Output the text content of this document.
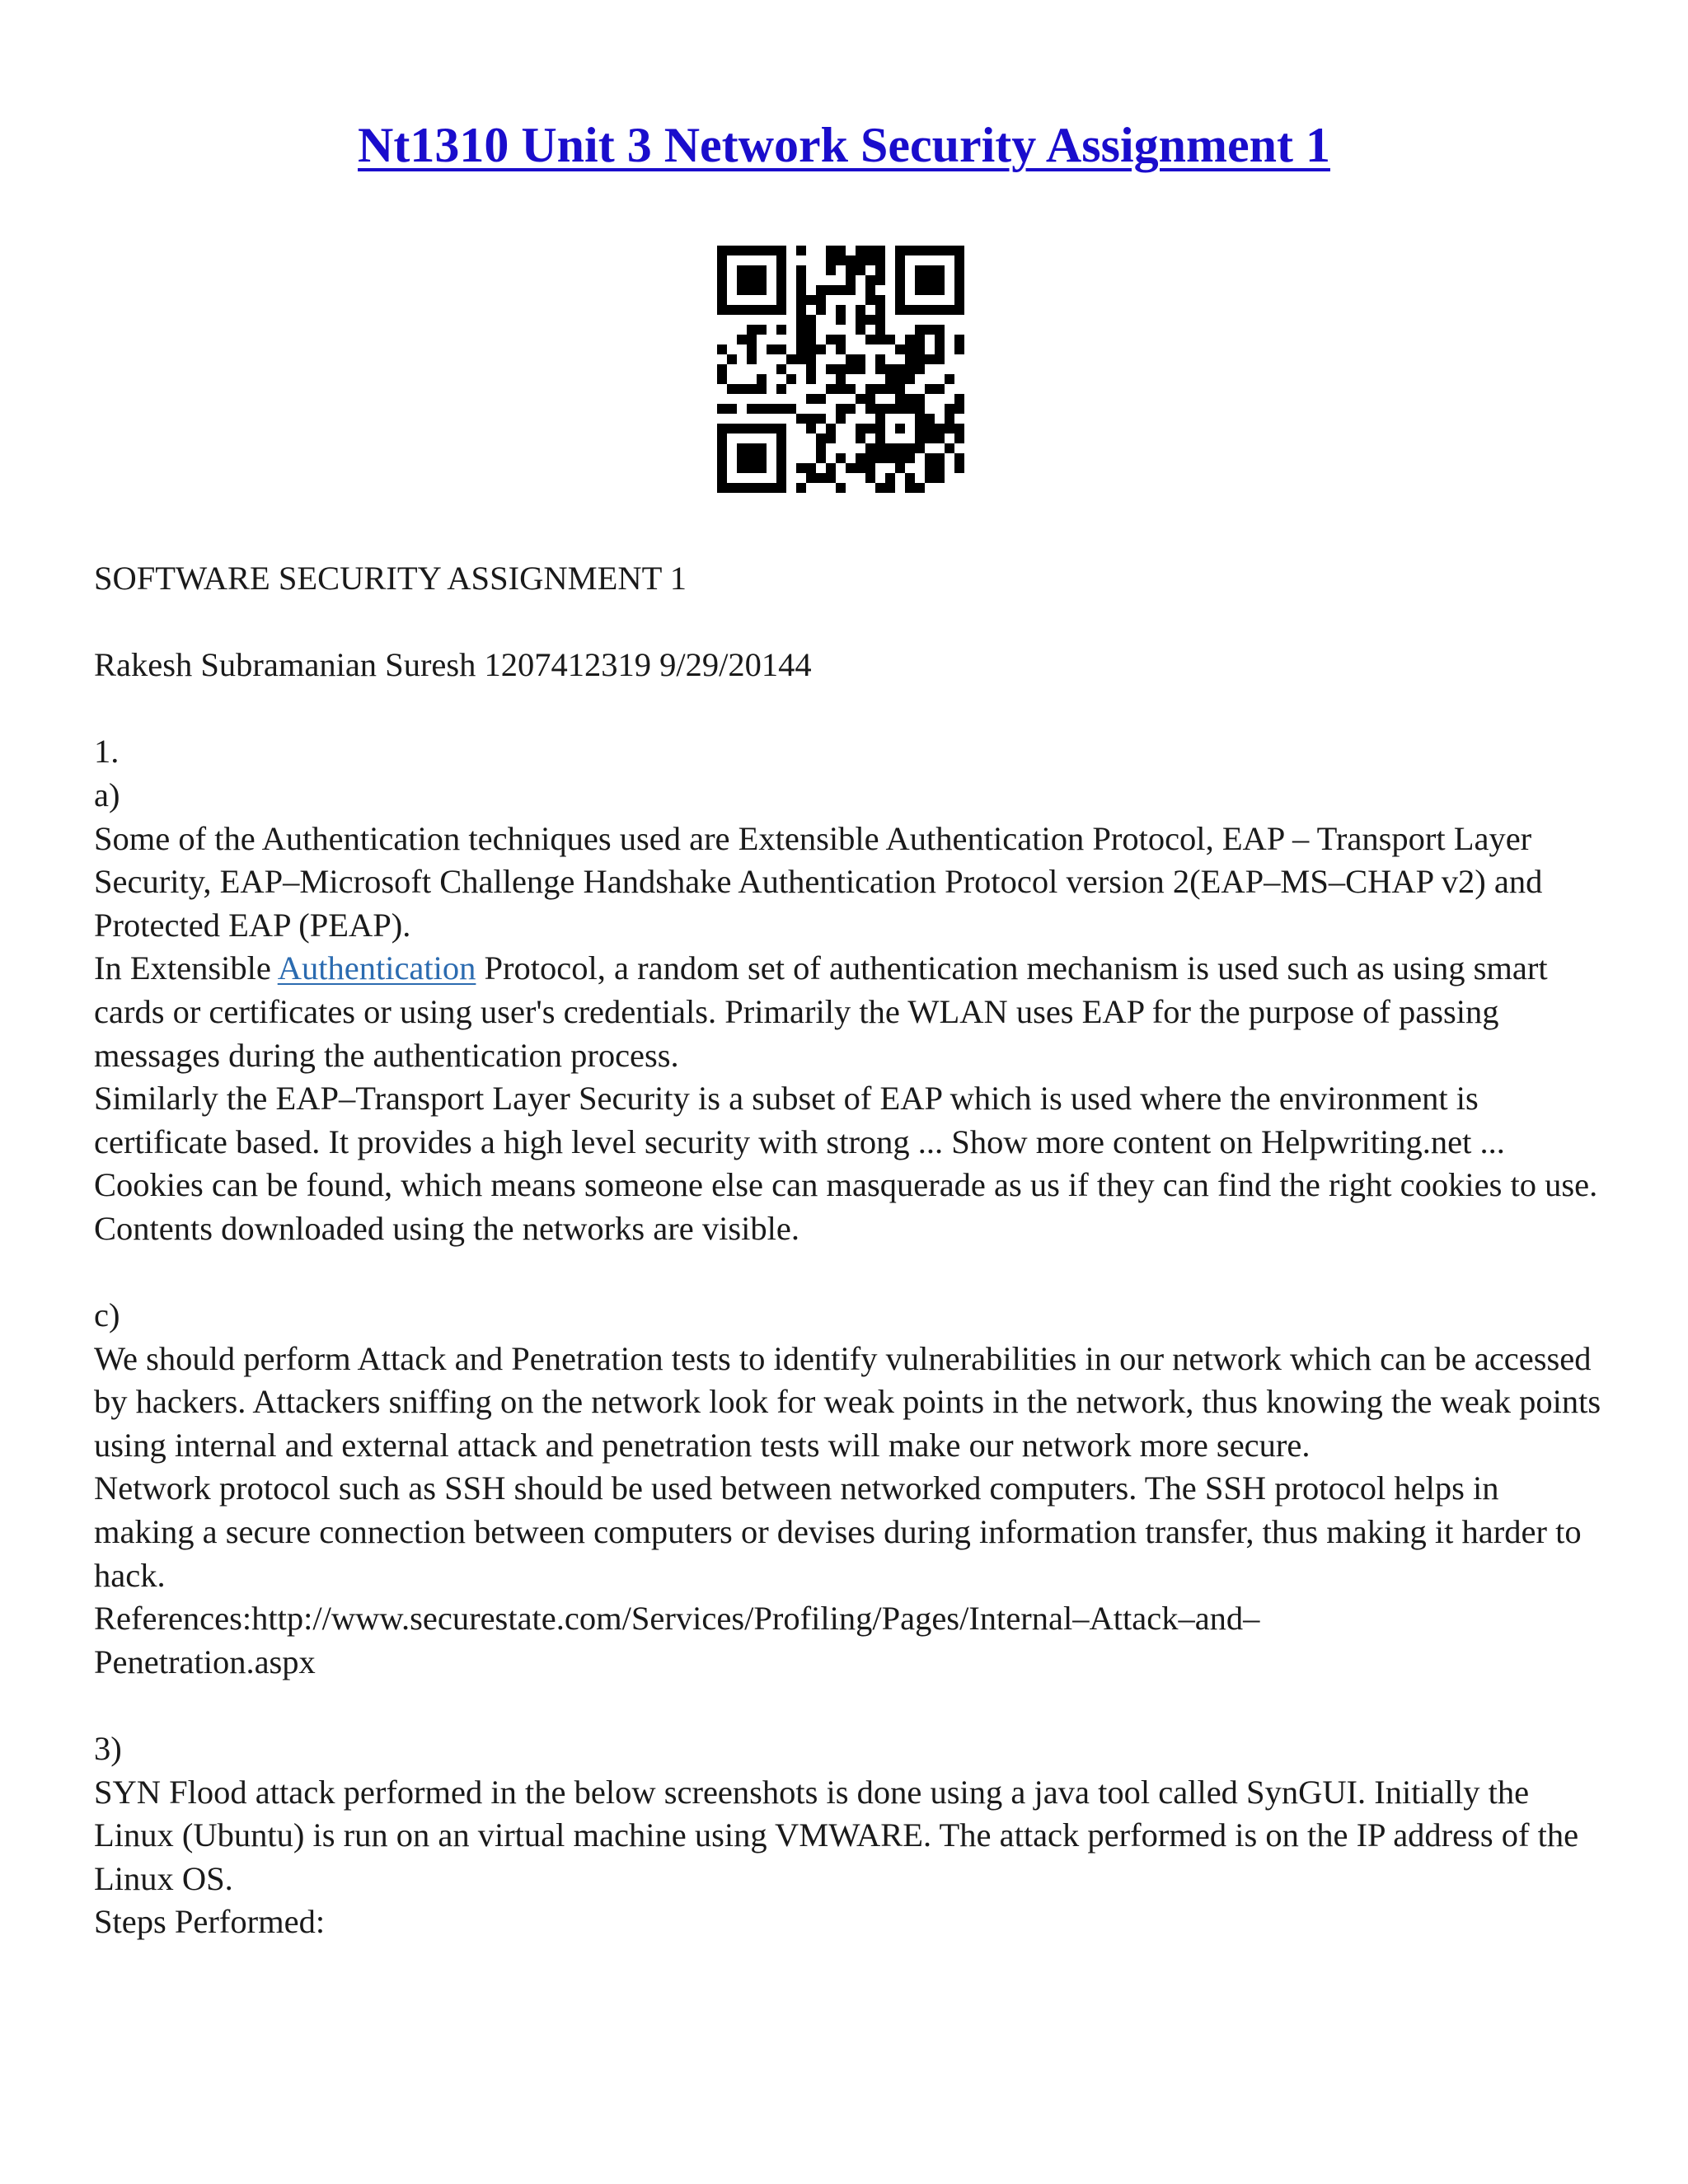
Nt1310 Unit 3 Network Security Assignment 1

SOFTWARE SECURITY ASSIGNMENT 1

Rakesh Subramanian Suresh 1207412319 9/29/20144

1.

a)

Some of the Authentication techniques used are Extensible Authentication Protocol, EAP – Transport Layer Security, EAP–Microsoft Challenge Handshake Authentication Protocol version 2(EAP–MS–CHAP v2) and Protected EAP (PEAP).

In Extensible Authentication Protocol, a random set of authentication mechanism is used such as using smart cards or certificates or using user's credentials. Primarily the WLAN uses EAP for the purpose of passing messages during the authentication process.

Similarly the EAP–Transport Layer Security is a subset of EAP which is used where the environment is certificate based. It provides a high level security with strong ... Show more content on Helpwriting.net ...

Cookies can be found, which means someone else can masquerade as us if they can find the right cookies to use.

Contents downloaded using the networks are visible.

c)

We should perform Attack and Penetration tests to identify vulnerabilities in our network which can be accessed by hackers. Attackers sniffing on the network look for weak points in the network, thus knowing the weak points using internal and external attack and penetration tests will make our network more secure.

Network protocol such as SSH should be used between networked computers. The SSH protocol helps in making a secure connection between computers or devises during information transfer, thus making it harder to hack.

References:http://www.securestate.com/Services/Profiling/Pages/Internal–Attack–and–

Penetration.aspx

3)

SYN Flood attack performed in the below screenshots is done using a java tool called SynGUI. Initially the Linux (Ubuntu) is run on an virtual machine using VMWARE. The attack performed is on the IP address of the Linux OS.

Steps Performed:
